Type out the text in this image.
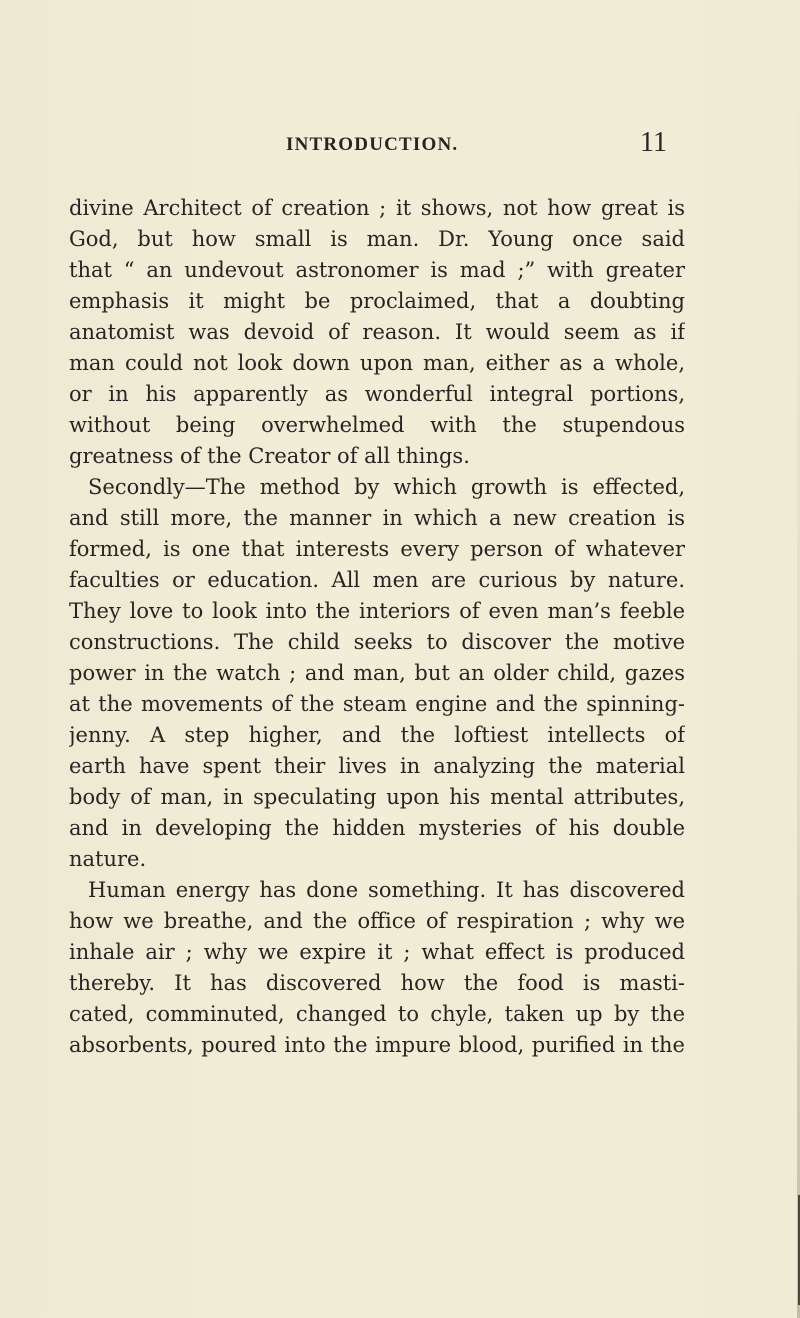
INTRODUCTION.	11
divine Architect of creation ; it shows, not how great is
God, but how small is man. Dr. Young once said
that “ an undevout astronomer is mad ;” with greater
emphasis it might be proclaimed, that a doubting
anatomist was devoid of reason. It would seem as if
man could not look down upon man, either as a whole,
or in his apparently as wonderful integral portions,
without being overwhelmed with the stupendous
greatness of the Creator of all things.
Secondly—The method by which growth is effected,
and still more, the manner in which a new creation is
formed, is one that interests every person of whatever
faculties or education. All men are curious by nature.
They love to look into the interiors of even man’s feeble
constructions. The child seeks to discover the motive
power in the watch ; and man, but an older child, gazes
at the movements of the steam engine and the spinning-
jenny. A step higher, and the loftiest intellects of
earth have spent their lives in analyzing the material
body of man, in speculating upon his mental attributes,
and in developing the hidden mysteries of his double
nature.
Human energy has done something. It has discovered
how we breathe, and the office of respiration ; why we
inhale air ; why we expire it ; what effect is produced
thereby. It has discovered how the food is masti-
cated, comminuted, changed to chyle, taken up by the
absorbents, poured into the impure blood, purified in the
